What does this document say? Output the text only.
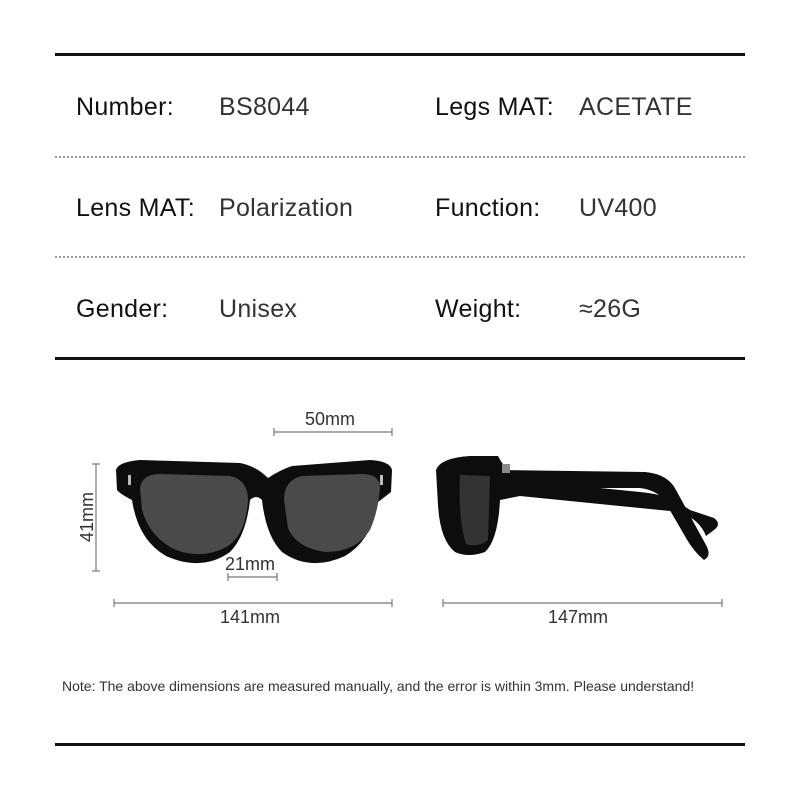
Number: BS8044	Legs MAT: ACETATE
Lens MAT: Polarization	Function: UV400
Gender: Unisex	Weight: ≈26G
50mm
41mm
21mm
141mm	147mm
Note: The above dimensions are measured manually, and the error is within 3mm. Please understand!
